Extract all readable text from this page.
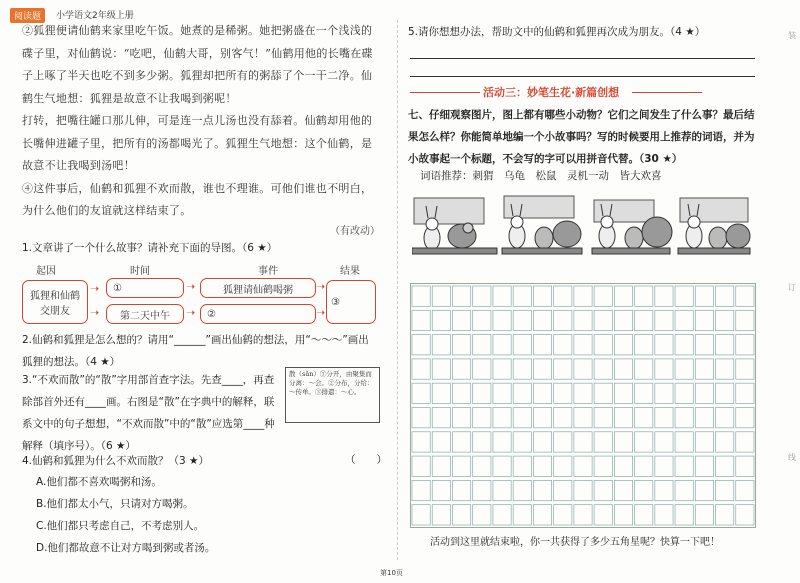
阅读题	小学语文2年级上册

②狐狸便请仙鹤来家里吃午饭。她煮的是稀粥。她把粥盛在一个浅浅的碟子里，对仙鹤说：“吃吧，仙鹤大哥，别客气！”仙鹤用他的长嘴在碟子上啄了半天也吃不到多少粥。狐狸却把所有的粥舔了个一干二净。仙鹤生气地想：狐狸是故意不让我喝到粥呢！

打转，把嘴往罐口那儿伸，可是连一点儿汤也没有舔着。仙鹤却用他的长嘴伸进罐子里，把所有的汤都喝光了。狐狸生气地想：这个仙鹤，是故意不让我喝到汤吧！

④这件事后，仙鹤和狐狸不欢而散，谁也不理谁。可他们谁也不明白，为什么他们的友谊就这样结束了。

（有改动）
1.文章讲了一个什么故事？请补充下面的导图。（6 ★）
起因	时间	事件	结果
狐狸和仙鹤交朋友
①
第二天中午
狐狸请仙鹤喝粥
②
③
➝
➝
➝
➝
➝
➝
2.仙鹤和狐狸是怎么想的？请用“______”画出仙鹤的想法，用“～～～”画出狐狸的想法。（4 ★）
3.“不欢而散”的“散”字用部首查字法。先查____，再查除部首外还有____画。右图是“散”在字典中的解释，联系文中的句子想想，“不欢而散”中的“散”应选第____种解释（填序号）。（6 ★）
散（sǎn）①分开，由聚集而分离：～会。②分布，分给：～传单。③排遣：～心。
4.仙鹤和狐狸为什么不欢而散？（3 ★）	（　　）
A.他们都不喜欢喝粥和汤。
B.他们都太小气，只请对方喝粥。
C.他们都只考虑自己，不考虑别人。
D.他们都故意不让对方喝到粥或者汤。
5.请你想想办法，帮助文中的仙鹤和狐狸再次成为朋友。（4 ★）
活动三：妙笔生花·新篇创想
七、仔细观察图片，图上都有哪些小动物？它们之间发生了什么事？最后结果怎么样？你能简单地编一个小故事吗？写的时候要用上推荐的词语，并为小故事起一个标题，不会写的字可以用拼音代替。（30 ★）
词语推荐：刺猬　乌龟　松鼠　灵机一动　皆大欢喜
活动到这里就结束啦，你一共获得了多少五角星呢？快算一下吧！
第10页
装
订
线
